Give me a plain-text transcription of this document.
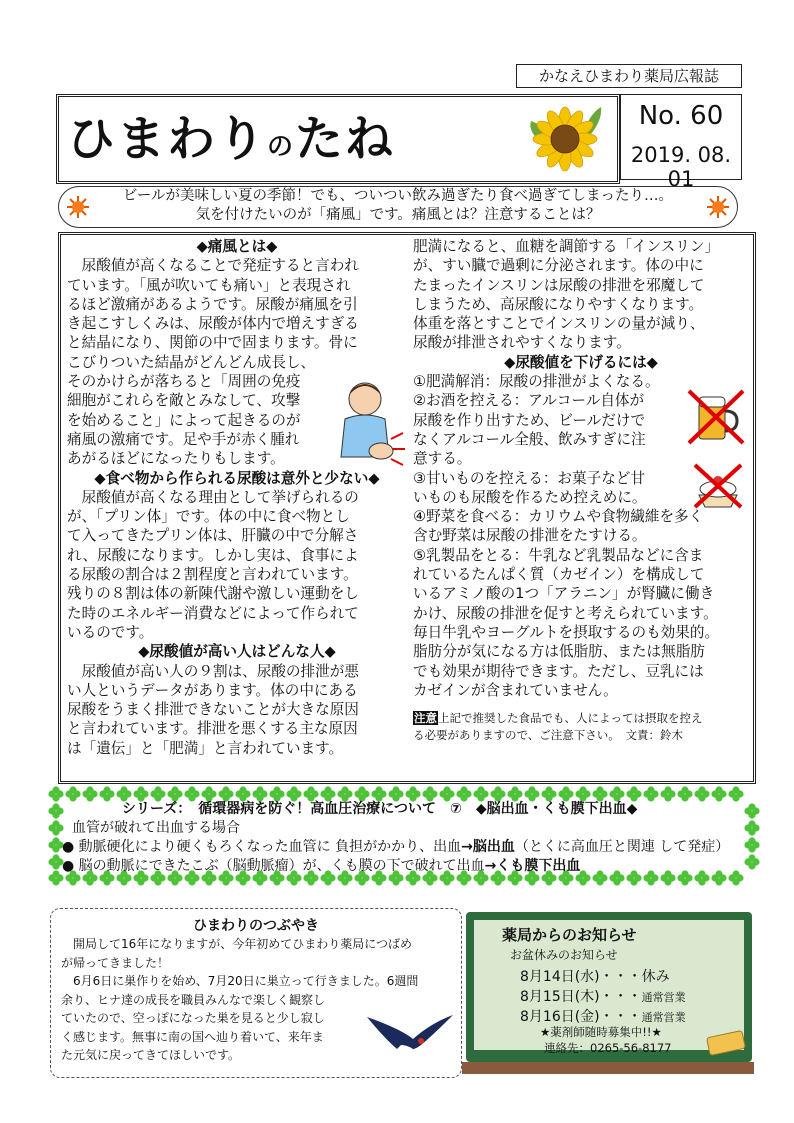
かなえひまわり薬局広報誌
ひまわりのたね	No. 60
2019. 08. 01
ビールが美味しい夏の季節！でも、ついつい飲み過ぎたり食べ過ぎてしまったり…。
気を付けたいのが「痛風」です。痛風とは？注意することは？

◆痛風とは◆

　尿酸値が高くなることで発症すると言われ

ています。「風が吹いても痛い」と表現され

るほど激痛があるようです。尿酸が痛風を引

き起こすしくみは、尿酸が体内で増えすぎる

と結晶になり、関節の中で固まります。骨に

こびりついた結晶がどんどん成長し、

そのかけらが落ちると「周囲の免疫

細胞がこれらを敵とみなして、攻撃

を始めること」によって起きるのが

痛風の激痛です。足や手が赤く腫れ

あがるほどになったりもします。

◆食べ物から作られる尿酸は意外と少ない◆

　尿酸値が高くなる理由として挙げられるの

が、「プリン体」です。体の中に食べ物とし

て入ってきたプリン体は、肝臓の中で分解さ

れ、尿酸になります。しかし実は、食事によ

る尿酸の割合は２割程度と言われています。

残りの８割は体の新陳代謝や激しい運動をし

た時のエネルギー消費などによって作られて

いるのです。

◆尿酸値が高い人はどんな人◆

　尿酸値が高い人の９割は、尿酸の排泄が悪

い人というデータがあります。体の中にある

尿酸をうまく排泄できないことが大きな原因

と言われています。排泄を悪くする主な原因

は「遺伝」と「肥満」と言われています。

肥満になると、血糖を調節する「インスリン」

が、すい臓で過剰に分泌されます。体の中に

たまったインスリンは尿酸の排泄を邪魔して

しまうため、高尿酸になりやすくなります。

体重を落とすことでインスリンの量が減り、

尿酸が排泄されやすくなります。

◆尿酸値を下げるには◆

①肥満解消：尿酸の排泄がよくなる。

②お酒を控える：アルコール自体が

尿酸を作り出すため、ビールだけで

なくアルコール全般、飲みすぎに注

意する。

③甘いものを控える：お菓子など甘

いものも尿酸を作るため控えめに。

④野菜を食べる：カリウムや食物繊維を多く

含む野菜は尿酸の排泄をたすける。

⑤乳製品をとる：牛乳など乳製品などに含ま

れているたんぱく質（カゼイン）を構成して

いるアミノ酸の1つ「アラニン」が腎臓に働き

かけ、尿酸の排泄を促すと考えられています。

毎日牛乳やヨーグルトを摂取するのも効果的。

脂肪分が気になる方は低脂肪、または無脂肪

でも効果が期待できます。ただし、豆乳には

カゼインが含まれていません。

注意上記で推奨した食品でも、人によっては摂取を控え
る必要がありますので、ご注意下さい。　文責：鈴木
シリーズ：　循環器病を防ぐ！高血圧治療について　⑦　◆脳出血・くも膜下出血◆
血管が破れて出血する場合
● 動脈硬化により硬くもろくなった血管に 負担がかかり、出血→脳出血（とくに高血圧と関連 して発症）
● 脳の動脈にできたこぶ（脳動脈瘤）が、くも膜の下で破れて出血→くも膜下出血
ひまわりのつぶやき
　開局して16年になりますが、今年初めてひまわり薬局につばめ
が帰ってきました！
　6月6日に巣作りを始め、7月20日に巣立って行きました。6週間
余り、ヒナ達の成長を職員みんなで楽しく観察し
ていたので、空っぽになった巣を見ると少し寂し
く感じます。無事に南の国へ辿り着いて、来年ま
た元気に戻ってきてほしいです。
薬局からのお知らせ
お盆休みのお知らせ
8月14日(水)・・・休み
8月15日(木)・・・通常営業
8月16日(金)・・・通常営業
★薬剤師随時募集中!!★
連絡先：0265-56-8177
